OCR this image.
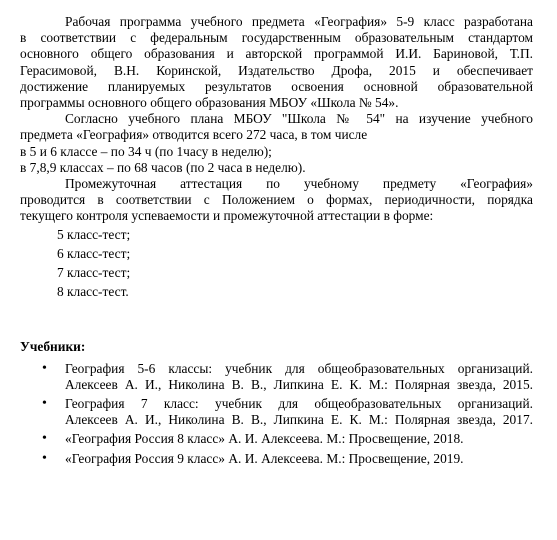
Рабочая программа учебного предмета «География» 5-9 класс разработана
в соответствии с федеральным государственным образовательным стандартом
основного общего образования и авторской программой И.И. Бариновой, Т.П.
Герасимовой, В.Н. Коринской, Издательство Дрофа, 2015 и обеспечивает
достижение планируемых результатов освоения основной образовательной
программы основного общего образования МБОУ «Школа № 54».
Согласно учебного плана МБОУ "Школа № 54" на изучение учебного
предмета «География» отводится всего 272 часа, в том числе
в 5 и 6 классе – по 34 ч (по 1часу в неделю);
в 7,8,9 классах – по 68 часов (по 2 часа в неделю).
Промежуточная аттестация по учебному предмету «География»
проводится в соответствии с Положением о формах, периодичности, порядка
текущего контроля успеваемости и промежуточной аттестации в форме:
5 класс-тест;
6 класс-тест;
7 класс-тест;
8 класс-тест.
Учебники:
• География 5-6 классы: учебник для общеобразовательных организаций.
Алексеев А. И., Николина В. В., Липкина Е. К. М.: Полярная звезда, 2015.
• География 7 класс: учебник для общеобразовательных организаций.
Алексеев А. И., Николина В. В., Липкина Е. К. М.: Полярная звезда, 2017.
• «География Россия 8 класс» А. И. Алексеева. М.: Просвещение, 2018.
• «География Россия 9 класс» А. И. Алексеева. М.: Просвещение, 2019.
